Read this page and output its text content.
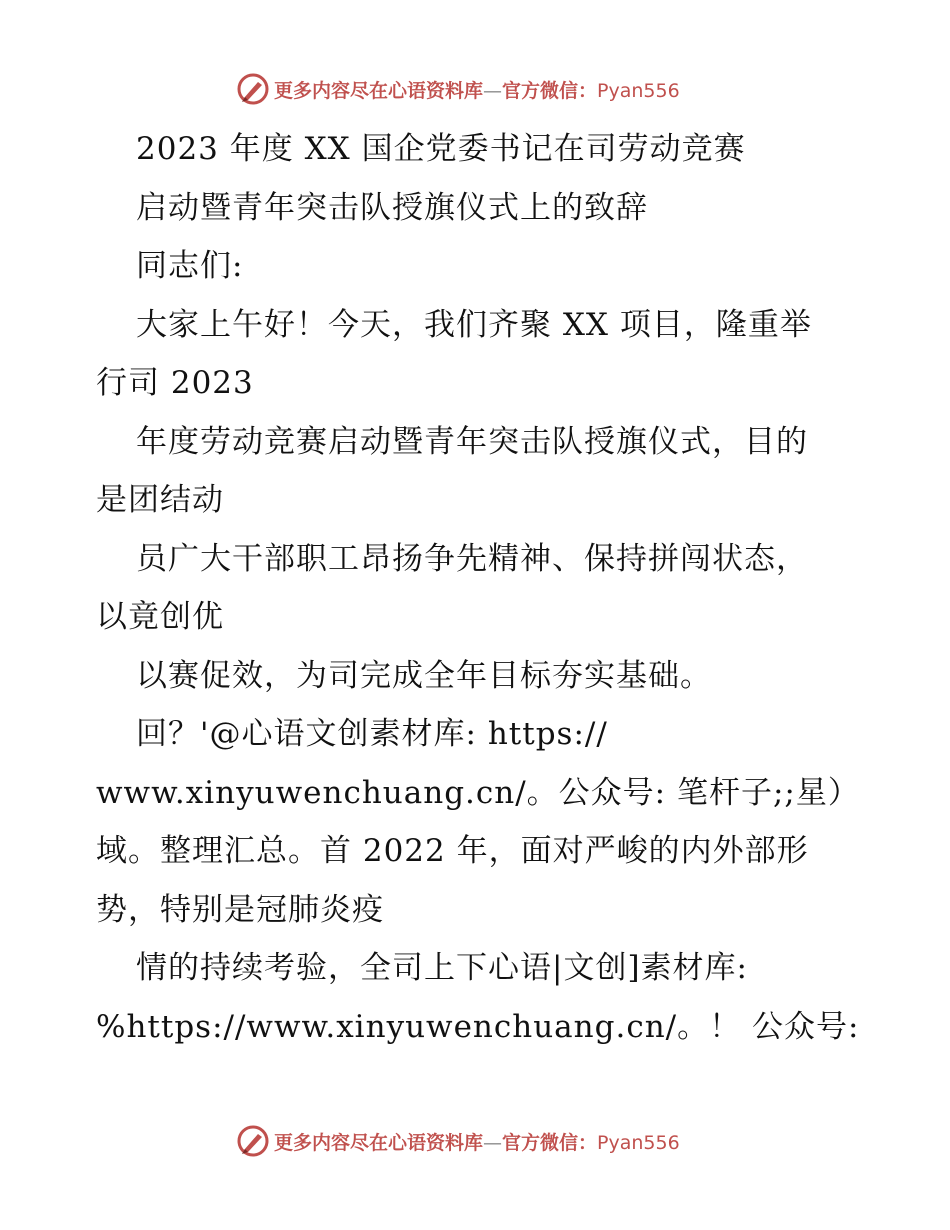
更多内容尽在心语资料库—官方微信：Pyan556
2023 年度 XX 国企党委书记在司劳动竞赛
启动暨青年突击队授旗仪式上的致辞
同志们:
大家上午好！今天，我们齐聚 XX 项目，隆重举
行司 2023
年度劳动竞赛启动暨青年突击队授旗仪式，目的
是团结动
员广大干部职工昂扬争先精神、保持拼闯状态，
以竟创优
以赛促效，为司完成全年目标夯实基础。
回？'@心语文创素材库: https://
www.xinyuwenchuang.cn/。公众号: 笔杆子;;星）
域。整理汇总。首 2022 年，面对严峻的内外部形
势，特别是冠肺炎疫
情的持续考验，全司上下心语|文创]素材库:
%https://www.xinyuwenchuang.cn/。！ 公众号:
更多内容尽在心语资料库—官方微信：Pyan556
